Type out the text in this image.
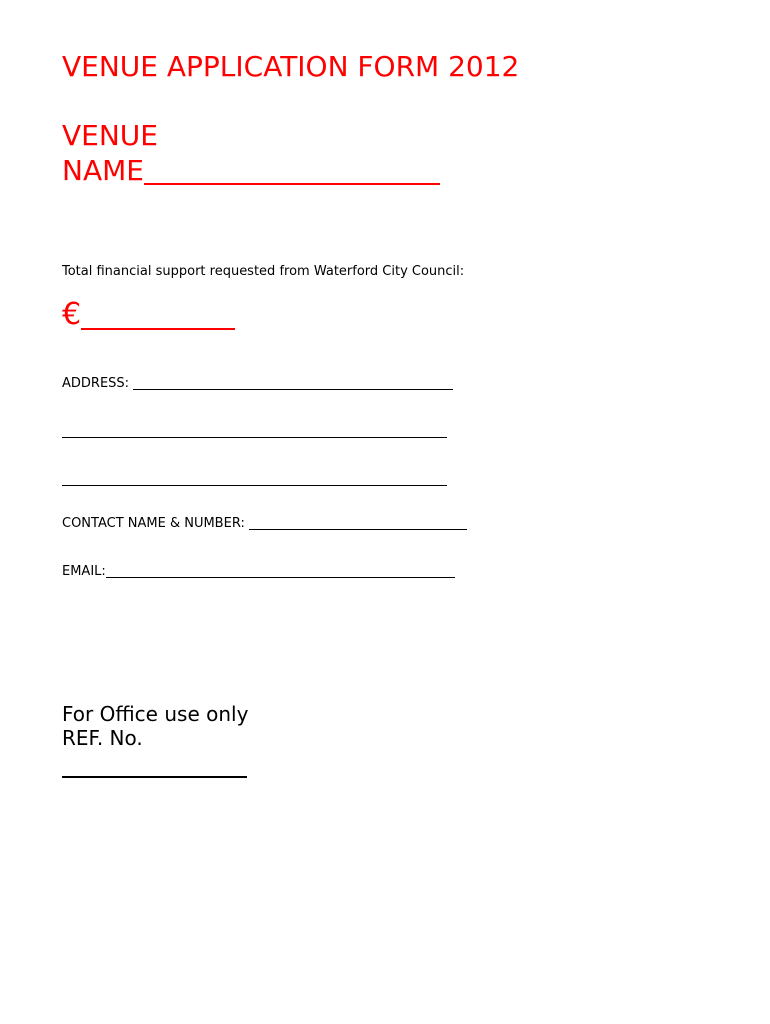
VENUE APPLICATION FORM 2012
VENUE
NAME
Total financial support requested from Waterford City Council:
€
ADDRESS:
CONTACT NAME & NUMBER:
EMAIL:
For Office use only
REF. No.
